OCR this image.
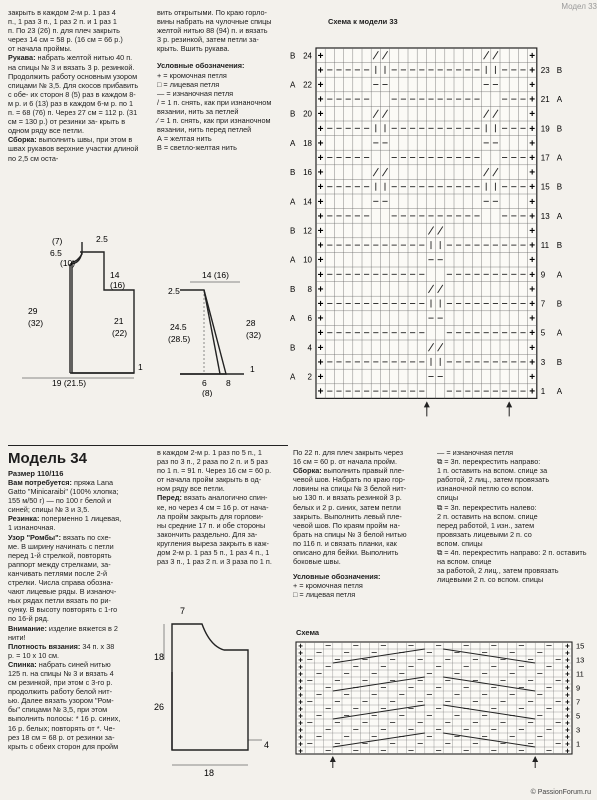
Модел 33
закрыть в каждом 2-м р. 1 раз 4
п., 1 раз 3 п., 1 раз 2 п. и 1 раз 1
п. По 23 (26) п. для плеч закрыть
через 14 см = 58 р. (16 см = 66 р.)
от начала проймы.

Рукава: набрать желтой нитью 40 п. на спицы № 3 и вязать 3 р. резинкой. Продолжить работу основным узором спицами № 3,5. Для скосов прибавить с обе- их сторон 8 (5) раз в каждом 8-м р. и 6 (13) раз в каждом 6-м р. по 1 п. = 68 (76) п. Через 27 см = 112 р. (31 см = 130 р.) от резинки за- крыть в одном ряду все петли.

Сборка: выполнить швы, при этом в швах рукавов верхние участки длиной по 2,5 см оста-

вить открытыми. По краю горло-
вины набрать на чулочные спицы
желтой нитью 88 (94) п. и вязать
3 р. резинкой, затем петли за-
крыть. Вшить рукава.

Условные обозначения:

+ = кромочная петля
□ = лицевая петля
— = изнаночная петля
/ = 1 п. снять, как при изнаночном
вязании, нить за петлей
⁄ = 1 п. снять, как при изнаночном
вязании, нить перед петлей
А = желтая нить
В = светло-желтая нить
Схема к модели 33
+	+
В 24
+	+ 23 В
+	+
А 22
+	+ 21 А
+	+
В 20
+	+ 19 В
+	+
А 18
+	+ 17 А
+	+
В 16
+	+ 15 В
+	+
А 14
+	+ 13 А
+	+
В 12
+	+ 11 В
+	+
А 10
+	+ 9 А
+	+
В 8
+	+ 7 В
+	+
А 6
+	+ 5 А
+	+
В 4
+	+ 3 В
+	+
А 2
+	+ 1 А
(7)
6.5
(10)
2.5
14
(16)
29
(32)	21
(22)
19 (21.5)
1
14 (16)
2.5
24.5
(28.5)
28
(32)
1
6 8
(8)
Модель 34
Размер 110/116
Вам потребуется: пряжа Lana
Gatto "Minicaraibi" (100% хлопка;
155 м/50 г) — по 100 г белой и
синей; спицы № 3 и 3,5.
Резинка: поперменно 1 лицевая,
1 изнаночная.
Узор "Ромбы": вязать по схе-
ме. В ширину начинать с петли
перед 1-й стрелкой, повторять
раппорт между стрелками, за-
канчивать петлями после 2-й
стрелки. Числа справа обозна-
чают лицевые ряды. В изнаноч-
ных рядах петли вязать по ри-
сунку. В высоту повторять с 1-го
по 16-й ряд.
Внимание: изделие вяжется в 2
нити!
Плотность вязания: 34 п. х 38
р. = 10 х 10 см.
Спинка: набрать синей нитью
125 п. на спицы № 3 и вязать 4
см резинкой, при этом с 3-го р.
продолжить работу белой нит-
ью. Далее вязать узором "Ром-
бы" спицами № 3,5, при этом
выполнить полосы: * 16 р. синих,
16 р. белых; повторять от *. Че-
рез 18 см = 68 р. от резинки за-
крыть с обеих сторон для пройм
в каждом 2-м р. 1 раз по 5 п., 1
раз по 3 п., 2 раза по 2 п. и 5 раз
по 1 п. = 91 п. Через 16 см = 60 р.
от начала пройм закрыть в од-
ном ряду все петли.
Перед: вязать аналогично спин-
ке, но через 4 см = 16 р. от нача-
ла пройм закрыть для горлови-
ны средние 17 п. и обе стороны
закончить раздельно. Для за-
кругления выреза закрыть в каж-
дом 2-м р. 1 раз 5 п., 1 раз 4 п., 1
раз 3 п., 1 раз 2 п. и 3 раза по 1 п.
По 22 п. для плеч закрыть через
16 см = 60 р. от начала пройм.
Сборка: выполнить правый пле-
чевой шов. Набрать по краю гор-
ловины на спицы № 3 белой нит-
ью 130 п. и вязать резинкой 3 р.
белых и 2 р. синих, затем петли
закрыть. Выполнить левый пле-
чевой шов. По краям пройм на-
брать на спицы № 3 белой нитью
по 116 п. и связать планки, как
описано для бейки. Выполнить
боковые швы.

Условные обозначения:

+ = кромочная петля
□ = лицевая петля
— = изнаночная петля
⧉ = 3п. перекрестить направо:
1 п. оставить на вспом. спице за
работой, 2 лиц., затем провязать
изнаночной петлю со вспом.
спицы
⧉ = 3п. перекрестить налево:
2 п. оставить на вспом. спице
перед работой, 1 изн., затем
провязать лицевыми 2 п. со
вспом. спицы
⧉ = 4п. перекрестить направо: 2 п. оставить на вспом. спице
за работой, 2 лиц., затем провязать лицевыми 2 п. со вспом. спицы
7
18
26
4
18
Схема
+	+
+	+
+	+
+	+
+	+
+	+
+	+
+	+
+	+
+	+
+	+
+	+
+	+
+	+
+	+
+	+
15
13
11
9
7
5
3
1
© PassionForum.ru
